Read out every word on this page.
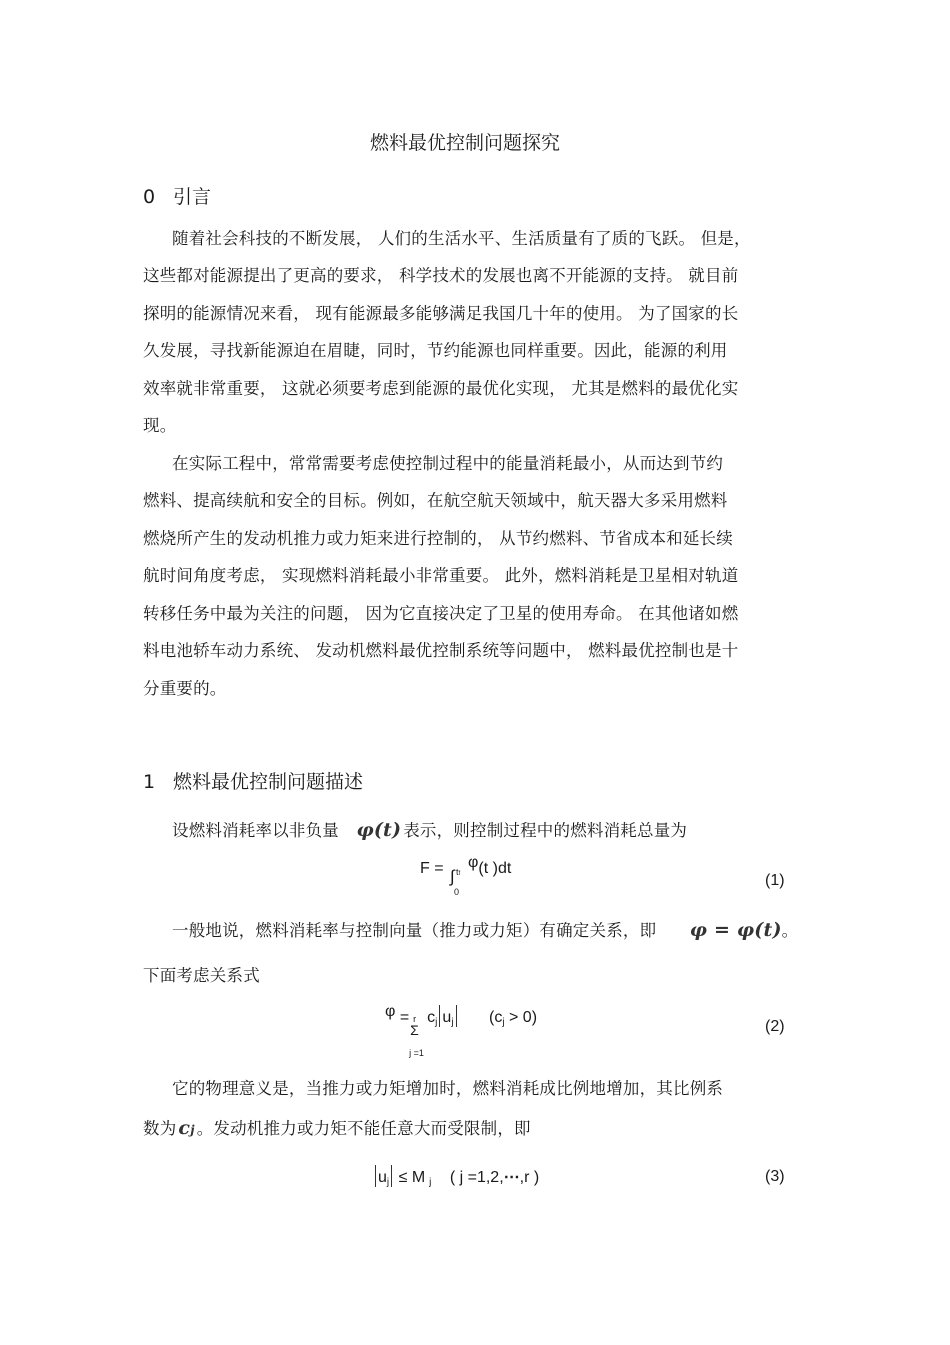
燃料最优控制问题探究
0 引言
随着社会科技的不断发展， 人们的生活水平、生活质量有了质的飞跃。 但是，
这些都对能源提出了更高的要求， 科学技术的发展也离不开能源的支持。 就目前
探明的能源情况来看， 现有能源最多能够满足我国几十年的使用。 为了国家的长
久发展，寻找新能源迫在眉睫，同时，节约能源也同样重要。因此，能源的利用
效率就非常重要， 这就必须要考虑到能源的最优化实现， 尤其是燃料的最优化实
现。
在实际工程中，常常需要考虑使控制过程中的能量消耗最小，从而达到节约
燃料、提高续航和安全的目标。例如，在航空航天领域中，航天器大多采用燃料
燃烧所产生的发动机推力或力矩来进行控制的， 从节约燃料、节省成本和延长续
航时间角度考虑， 实现燃料消耗最小非常重要。 此外，燃料消耗是卫星相对轨道
转移任务中最为关注的问题， 因为它直接决定了卫星的使用寿命。 在其他诸如燃
料电池轿车动力系统、 发动机燃料最优控制系统等问题中， 燃料最优控制也是十
分重要的。
1 燃料最优控制问题描述
设燃料消耗率以非负量 φ(t) 表示，则控制过程中的燃料消耗总量为
F = ∫ tf
0
φ(t )dt
(1)
一般地说，燃料消耗率与控制向量（推力或力矩）有确定关系，即 φ = φ(t)。
下面考虑关系式
φ = r
Σ
j =1
$c_j$ $u_j$ $(c_j > 0)$
(2)
它的物理意义是，当推力或力矩增加时，燃料消耗成比例地增加，其比例系
数为 cj 。发动机推力或力矩不能任意大而受限制，即
$u_j \le M$ $_j$ ( j =1,2,⋯,r )	(3)
